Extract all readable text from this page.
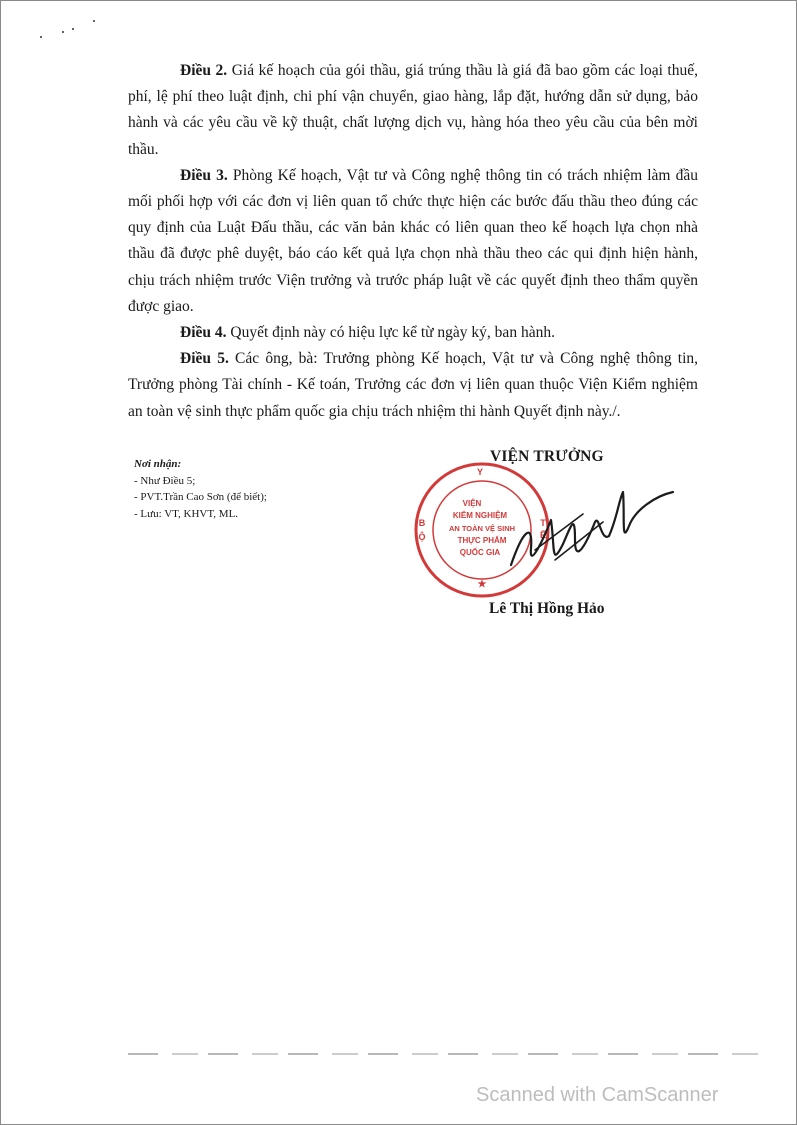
Điều 2. Giá kế hoạch của gói thầu, giá trúng thầu là giá đã bao gồm các loại thuế, phí, lệ phí theo luật định, chi phí vận chuyển, giao hàng, lắp đặt, hướng dẫn sử dụng, bảo hành và các yêu cầu về kỹ thuật, chất lượng dịch vụ, hàng hóa theo yêu cầu của bên mời thầu.

Điều 3. Phòng Kế hoạch, Vật tư và Công nghệ thông tin có trách nhiệm làm đầu mối phối hợp với các đơn vị liên quan tổ chức thực hiện các bước đấu thầu theo đúng các quy định của Luật Đấu thầu, các văn bản khác có liên quan theo kế hoạch lựa chọn nhà thầu đã được phê duyệt, báo cáo kết quả lựa chọn nhà thầu theo các qui định hiện hành, chịu trách nhiệm trước Viện trưởng và trước pháp luật về các quyết định theo thẩm quyền được giao.

Điều 4. Quyết định này có hiệu lực kể từ ngày ký, ban hành.

Điều 5. Các ông, bà: Trưởng phòng Kế hoạch, Vật tư và Công nghệ thông tin, Trưởng phòng Tài chính - Kế toán, Trưởng các đơn vị liên quan thuộc Viện Kiểm nghiệm an toàn vệ sinh thực phẩm quốc gia chịu trách nhiệm thi hành Quyết định này./.

Nơi nhận:
- Như Điều 5;
- PVT.Trần Cao Sơn (để biết);
- Lưu: VT, KHVT, ML.
VIỆN TRƯỞNG
Y
T
Ế
B
Ộ
VIỆN
KIỂM NGHIỆM
AN TOÀN VỆ SINH
THỰC PHẨM
QUỐC GIA
★
Lê Thị Hồng Hảo
Scanned with CamScanner
